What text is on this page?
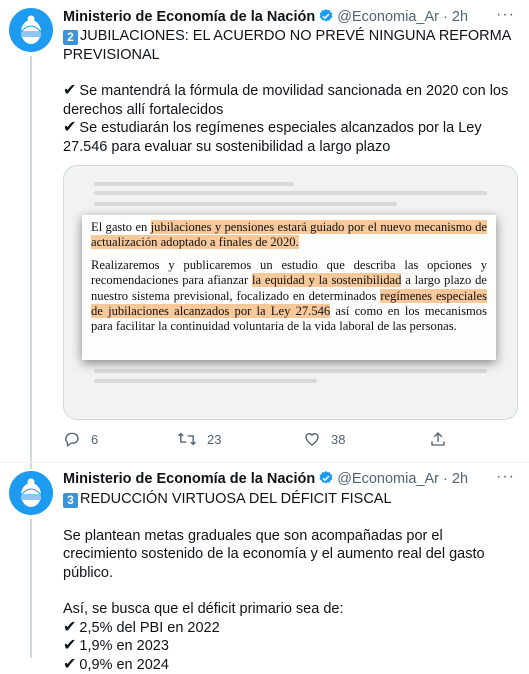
Ministerio de Economía de la Nación @Economia_Ar · 2h ···

2 JUBILACIONES: EL ACUERDO NO PREVÉ NINGUNA REFORMA PREVISIONAL

✔ Se mantendrá la fórmula de movilidad sancionada en 2020 con los derechos allí fortalecidos

✔ Se estudiarán los regímenes especiales alcanzados por la Ley 27.546 para evaluar su sostenibilidad a largo plazo

El gasto en jubilaciones y pensiones estará guiado por el nuevo mecanismo de actualización adoptado a finales de 2020.

Realizaremos y publicaremos un estudio que describa las opciones y recomendaciones para afianzar la equidad y la sostenibilidad a largo plazo de nuestro sistema previsional, focalizado en determinados regímenes especiales de jubilaciones alcanzados por la Ley 27.546 así como en los mecanismos para facilitar la continuidad voluntaria de la vida laboral de las personas.

6	23	38
Ministerio de Economía de la Nación @Economia_Ar · 2h ···

3 REDUCCIÓN VIRTUOSA DEL DÉFICIT FISCAL

Se plantean metas graduales que son acompañadas por el crecimiento sostenido de la economía y el aumento real del gasto público.

Así, se busca que el déficit primario sea de:

✔ 2,5% del PBI en 2022

✔ 1,9% en 2023

✔ 0,9% en 2024
